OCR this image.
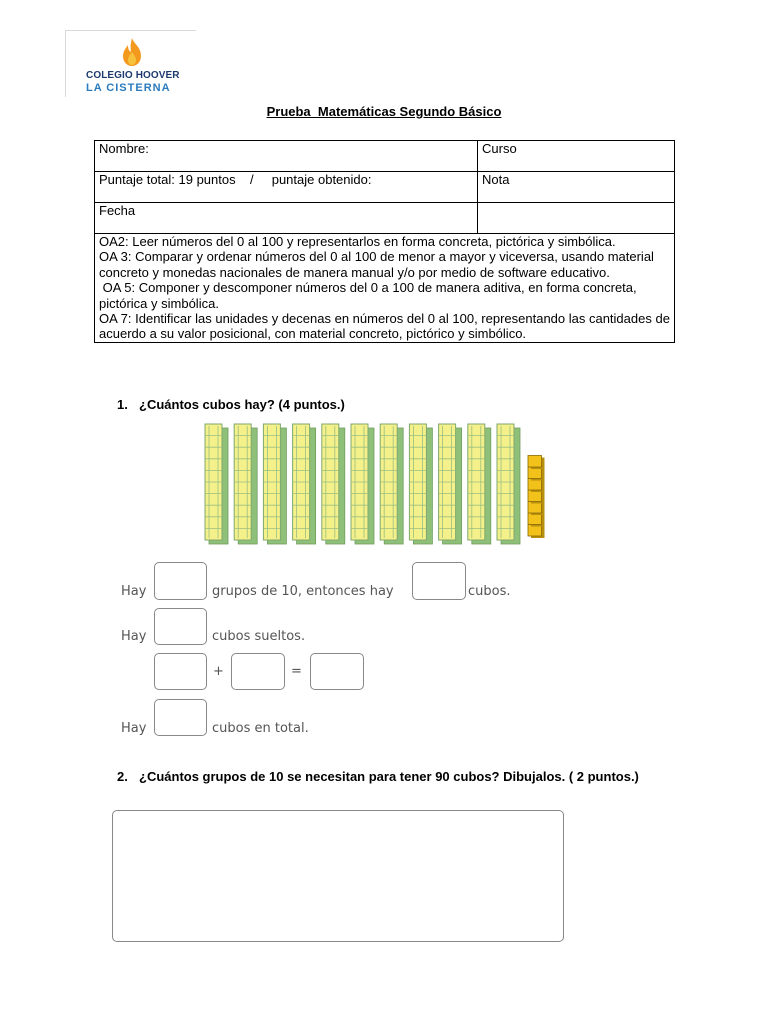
COLEGIO HOOVER
LA CISTERNA
Prueba  Matemáticas Segundo Básico
Nombre:	Curso
Puntaje total: 19 puntos    /     puntaje obtenido:	Nota
Fecha	

OA2: Leer números del 0 al 100 y representarlos en forma concreta, pictórica y simbólica.
OA 3: Comparar y ordenar números del 0 al 100 de menor a mayor y viceversa, usando material concreto y monedas nacionales de manera manual y/o por medio de software educativo.
OA 5: Componer y descomponer números del 0 a 100 de manera aditiva, en forma concreta, pictórica y simbólica.
OA 7: Identificar las unidades y decenas en números del 0 al 100, representando las cantidades de acuerdo a su valor posicional, con material concreto, pictórico y simbólico.	
1. ¿Cuántos cubos hay? (4 puntos.)
Hay	grupos de 10, entonces hay	cubos.
Hay	cubos sueltos.
+	=
Hay	cubos en total.
2. ¿Cuántos grupos de 10 se necesitan para tener 90 cubos? Dibujalos. ( 2 puntos.)
